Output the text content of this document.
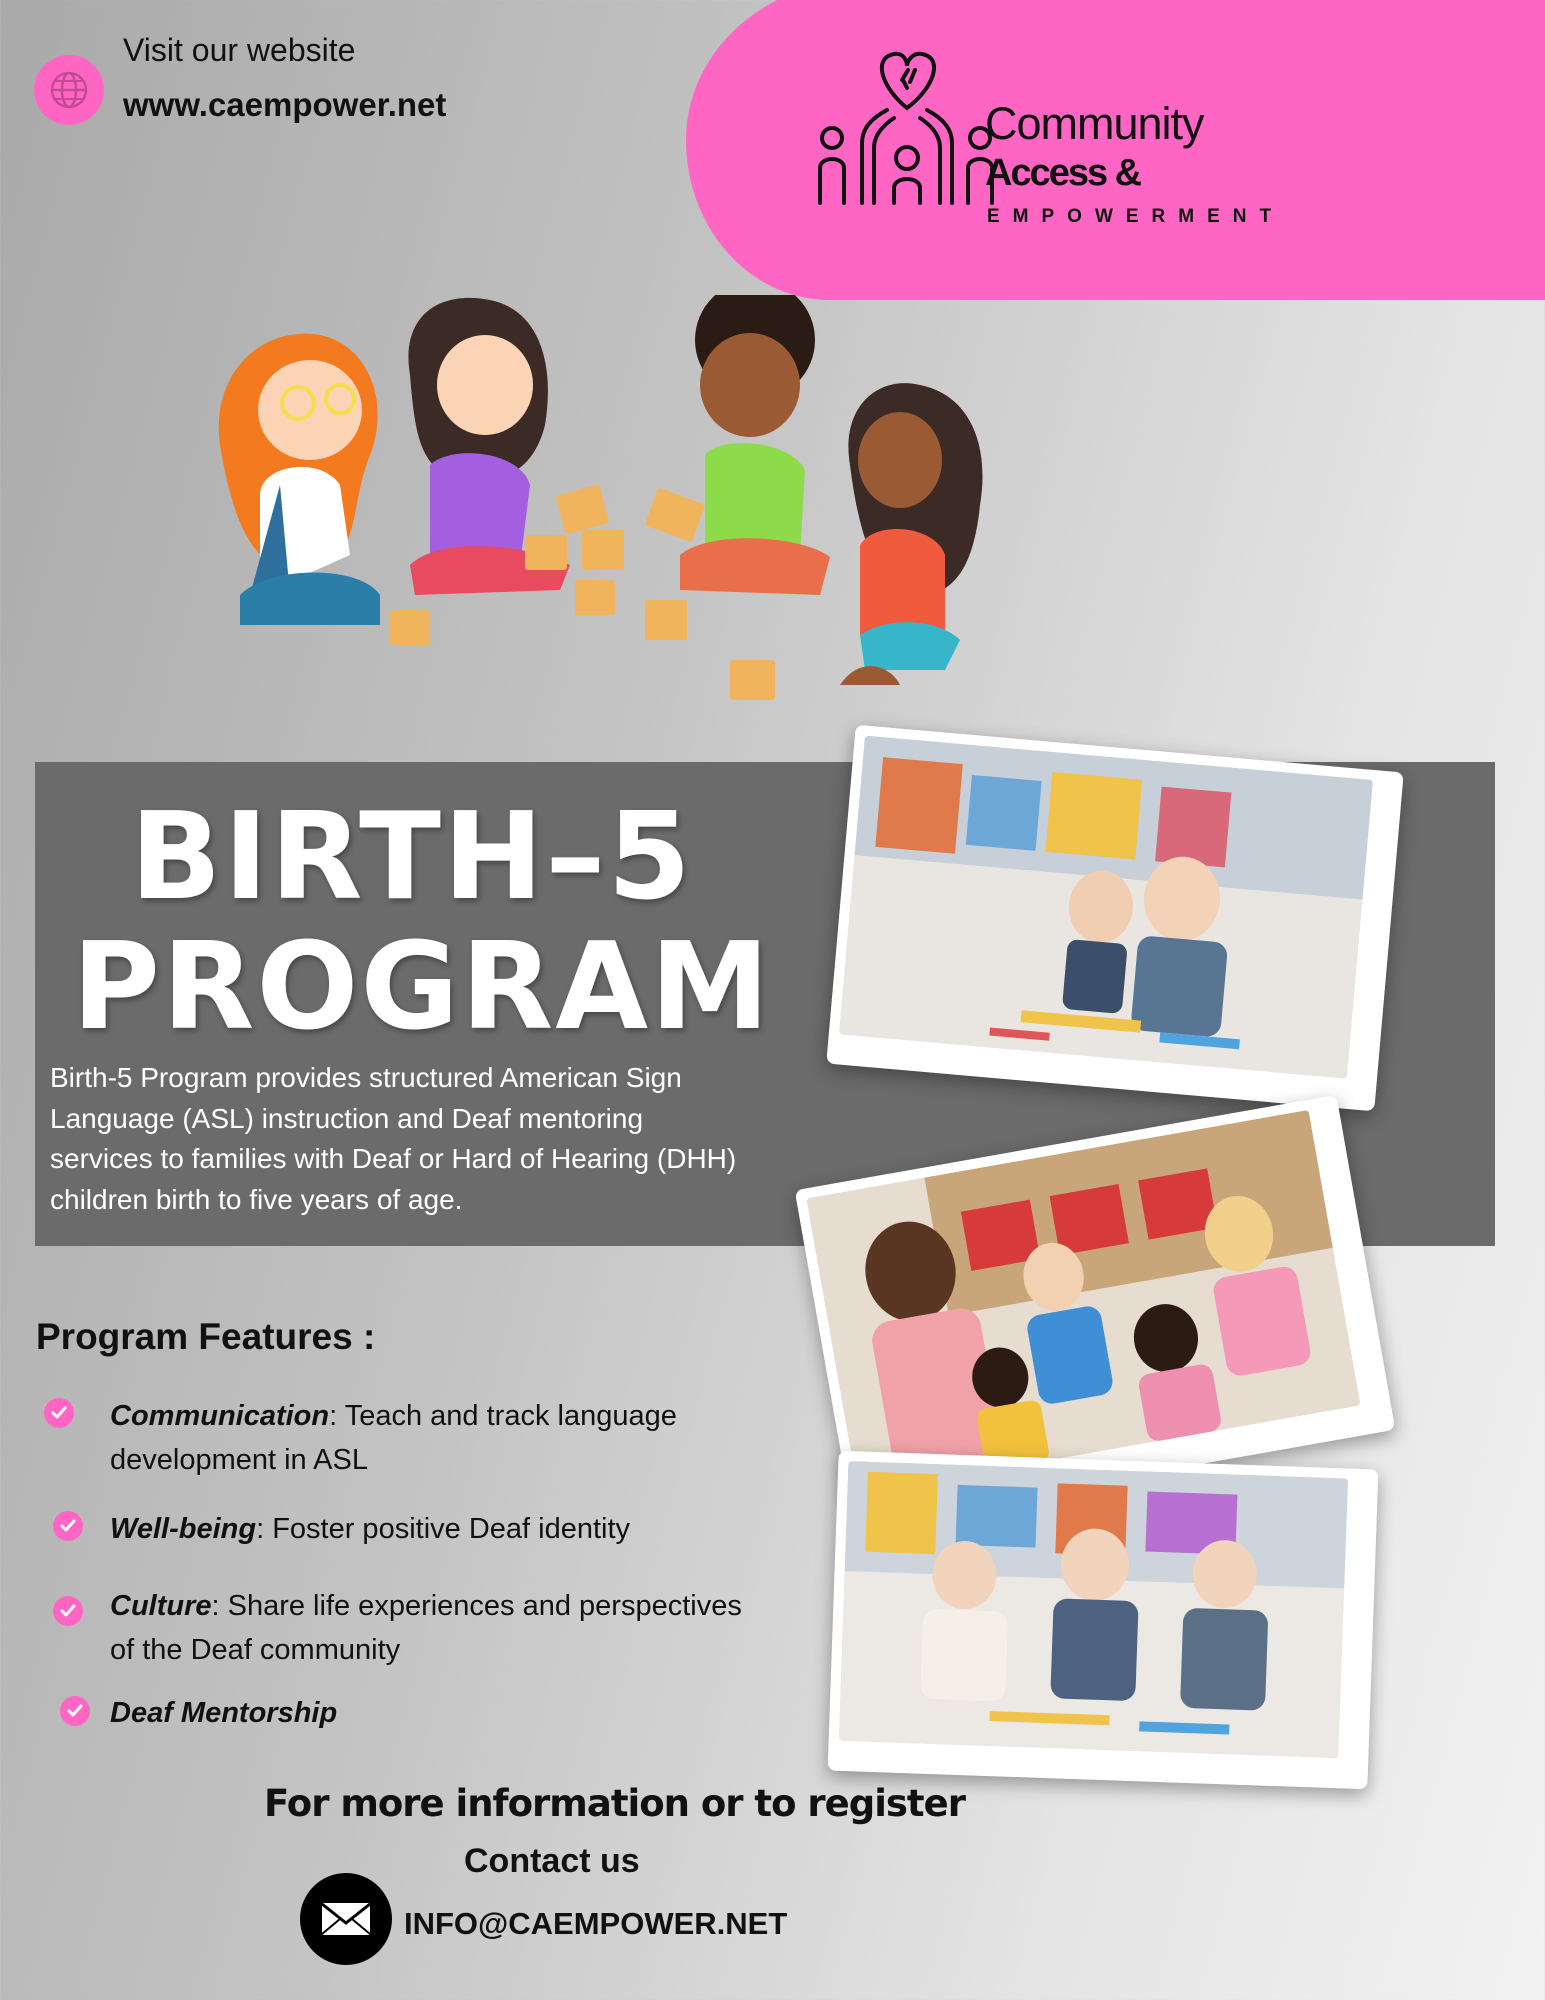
Visit our website
www.caempower.net	Community
Access &
EMPOWERMENT
BIRTH–5
PROGRAM
Birth-5 Program provides structured American Sign Language (ASL) instruction and Deaf mentoring services to families with Deaf or Hard of Hearing (DHH) children birth to five years of age.
Program Features :
Communication: Teach and track language development in ASL
Well-being: Foster positive Deaf identity
Culture: Share life experiences and perspectives of the Deaf community
Deaf Mentorship
For more information or to register
Contact us
INFO@CAEMPOWER.NET
